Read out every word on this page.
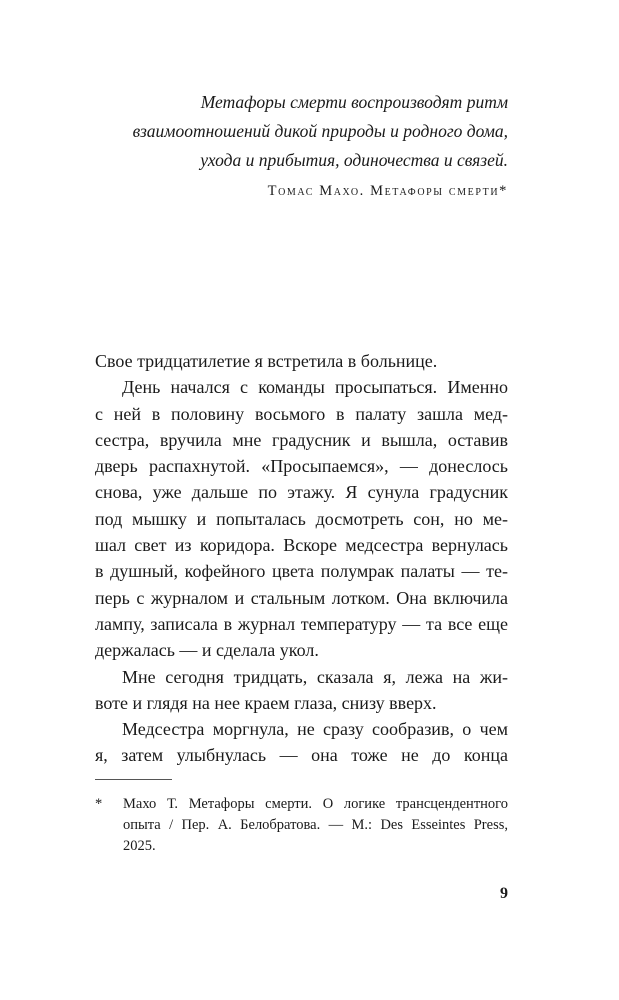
Метафоры смерти воспроизводят ритм
взаимоотношений дикой природы и родного дома,
ухода и прибытия, одиночества и связей.
Томас Махо. Метафоры смерти*
Свое тридцатилетие я встретила в больнице.
День начался с команды просыпаться. Именно
с ней в половину восьмого в палату зашла мед-
сестра, вручила мне градусник и вышла, оставив
дверь распахнутой. «Просыпаемся», — донеслось
снова, уже дальше по этажу. Я сунула градусник
под мышку и попыталась досмотреть сон, но ме-
шал свет из коридора. Вскоре медсестра вернулась
в душный, кофейного цвета полумрак палаты — те-
перь с журналом и стальным лотком. Она включила
лампу, записала в журнал температуру — та все еще
держалась — и сделала укол.
Мне сегодня тридцать, сказала я, лежа на жи-
воте и глядя на нее краем глаза, снизу вверх.
Медсестра моргнула, не сразу сообразив, о чем
я, затем улыбнулась — она тоже не до конца
* Махо Т. Метафоры смерти. О логике трансцендентного
опыта / Пер. А. Белобратова. — М.: Des Esseintes Press,
2025.
9
